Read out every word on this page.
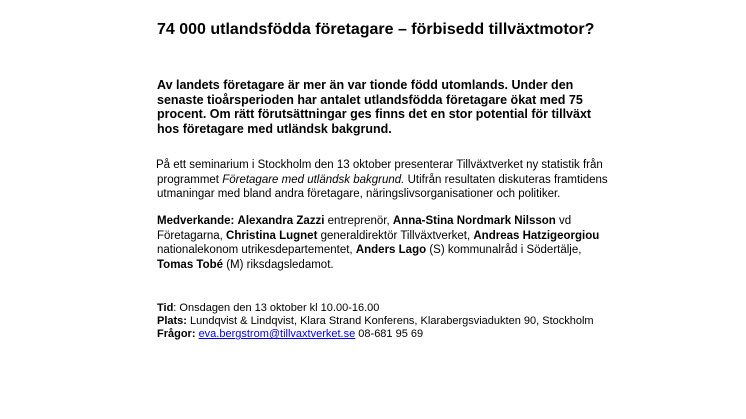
74 000 utlandsfödda företagare – förbisedd tillväxtmotor?
Av landets företagare är mer än var tionde född utomlands. Under den
senaste tioårsperioden har antalet utlandsfödda företagare ökat med 75
procent. Om rätt förutsättningar ges finns det en stor potential för tillväxt
hos företagare med utländsk bakgrund.
På ett seminarium i Stockholm den 13 oktober presenterar Tillväxtverket ny statistik från
programmet Företagare med utländsk bakgrund. Utifrån resultaten diskuteras framtidens
utmaningar med bland andra företagare, näringslivsorganisationer och politiker.
Medverkande: Alexandra Zazzi entreprenör, Anna-Stina Nordmark Nilsson vd
Företagarna, Christina Lugnet generaldirektör Tillväxtverket, Andreas Hatzigeorgiou
nationalekonom utrikesdepartementet, Anders Lago (S) kommunalråd i Södertälje,
Tomas Tobé (M) riksdagsledamot.
Tid: Onsdagen den 13 oktober kl 10.00-16.00
Plats: Lundqvist & Lindqvist, Klara Strand Konferens, Klarabergsviadukten 90, Stockholm
Frågor: eva.bergstrom@tillvaxtverket.se 08-681 95 69
